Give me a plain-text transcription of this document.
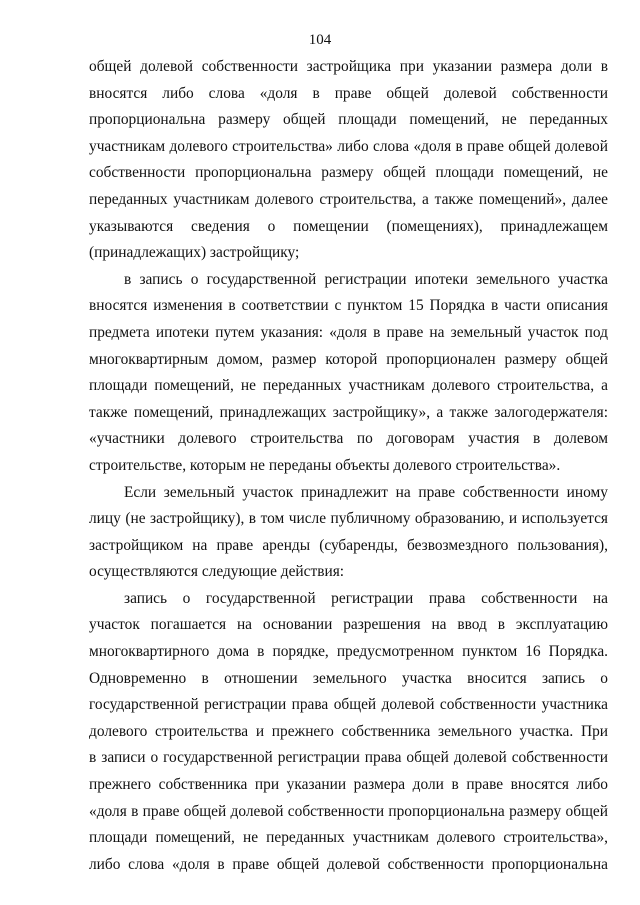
104
общей долевой собственности застройщика при указании размера доли в
вносятся либо слова «доля в праве общей долевой собственности
пропорциональна размеру общей площади помещений, не переданных
участникам долевого строительства» либо слова «доля в праве общей долевой
собственности пропорциональна размеру общей площади помещений, не
переданных участникам долевого строительства, а также помещений», далее
указываются сведения о помещении (помещениях), принадлежащем
(принадлежащих) застройщику;
в запись о государственной регистрации ипотеки земельного участка
вносятся изменения в соответствии с пунктом 15 Порядка в части описания
предмета ипотеки путем указания: «доля в праве на земельный участок под
многоквартирным домом, размер которой пропорционален размеру общей
площади помещений, не переданных участникам долевого строительства, а
также помещений, принадлежащих застройщику», а также залогодержателя:
«участники долевого строительства по договорам участия в долевом
строительстве, которым не переданы объекты долевого строительства».
Если земельный участок принадлежит на праве собственности иному
лицу (не застройщику), в том числе публичному образованию, и используется
застройщиком на праве аренды (субаренды, безвозмездного пользования),
осуществляются следующие действия:
запись о государственной регистрации права собственности на
участок погашается на основании разрешения на ввод в эксплуатацию
многоквартирного дома в порядке, предусмотренном пунктом 16 Порядка.
Одновременно в отношении земельного участка вносится запись о
государственной регистрации права общей долевой собственности участника
долевого строительства и прежнего собственника земельного участка. При
в записи о государственной регистрации права общей долевой собственности
прежнего собственника при указании размера доли в праве вносятся либо
«доля в праве общей долевой собственности пропорциональна размеру общей
площади помещений, не переданных участникам долевого строительства»,
либо слова «доля в праве общей долевой собственности пропорциональна
